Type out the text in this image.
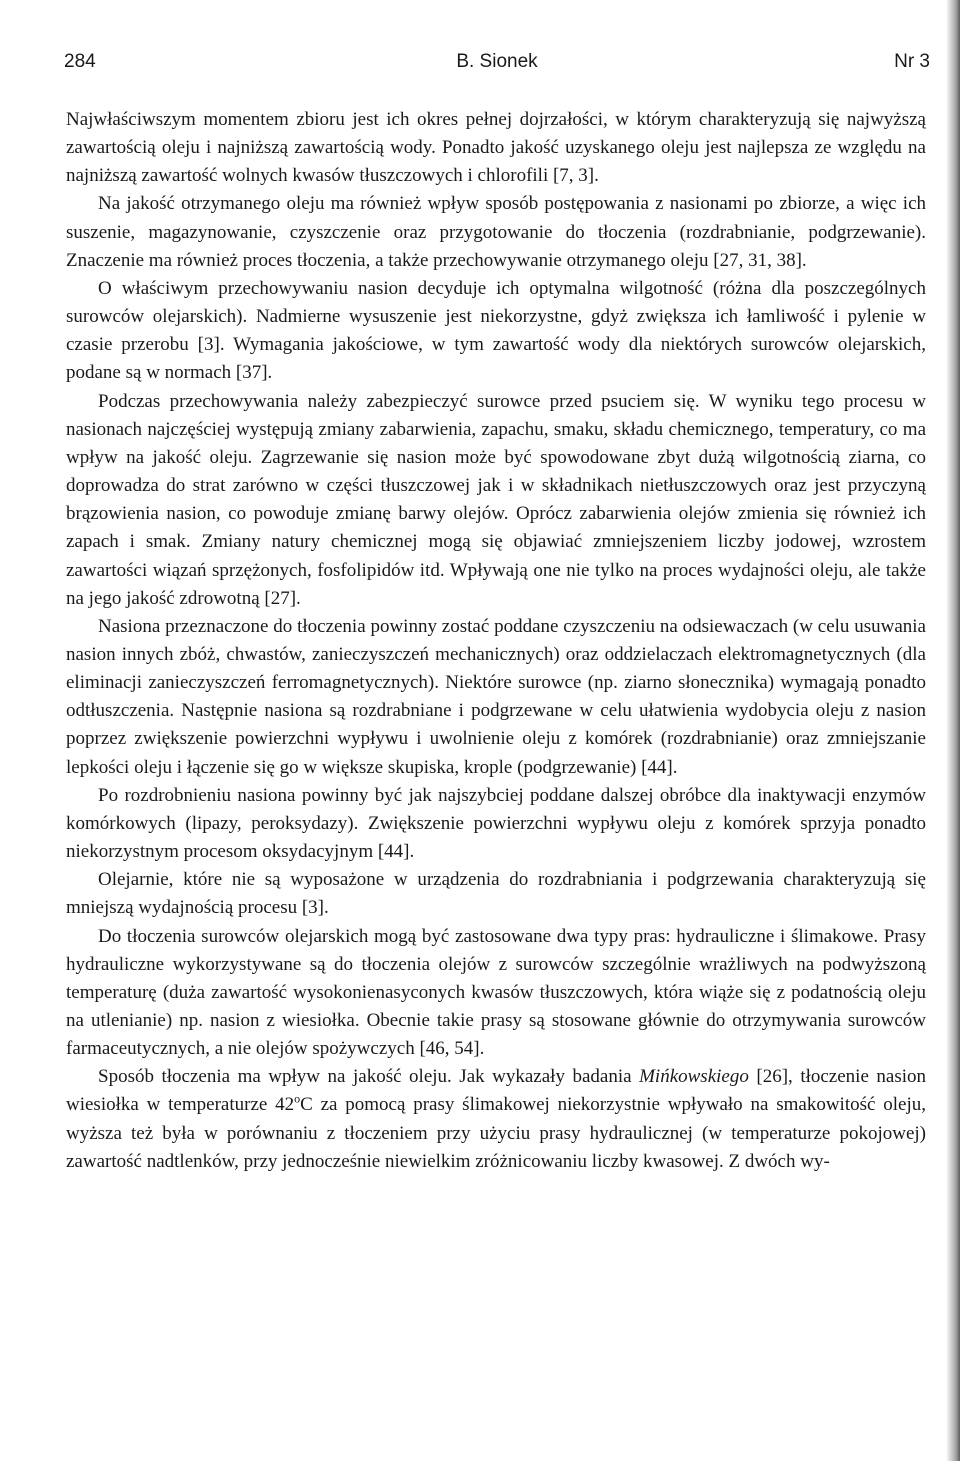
284	B. Sionek	Nr 3

Najwłaściwszym momentem zbioru jest ich okres pełnej dojrzałości, w którym charakteryzują się najwyższą zawartością oleju i najniższą zawartością wody. Ponadto jakość uzyskanego oleju jest najlepsza ze względu na najniższą zawartość wolnych kwasów tłuszczowych i chlorofili [7, 3].

Na jakość otrzymanego oleju ma również wpływ sposób postępowania z nasionami po zbiorze, a więc ich suszenie, magazynowanie, czyszczenie oraz przygotowanie do tłoczenia (rozdrabnianie, podgrzewanie). Znaczenie ma również proces tłoczenia, a także przechowywanie otrzymanego oleju [27, 31, 38].

O właściwym przechowywaniu nasion decyduje ich optymalna wilgotność (różna dla poszczególnych surowców olejarskich). Nadmierne wysuszenie jest niekorzystne, gdyż zwiększa ich łamliwość i pylenie w czasie przerobu [3]. Wymagania jakościowe, w tym zawartość wody dla niektórych surowców olejarskich, podane są w normach [37].

Podczas przechowywania należy zabezpieczyć surowce przed psuciem się. W wyniku tego procesu w nasionach najczęściej występują zmiany zabarwienia, zapachu, smaku, składu chemicznego, temperatury, co ma wpływ na jakość oleju. Zagrzewanie się nasion może być spowodowane zbyt dużą wilgotnością ziarna, co doprowadza do strat zarówno w części tłuszczowej jak i w składnikach nietłuszczowych oraz jest przyczyną brązowienia nasion, co powoduje zmianę barwy olejów. Oprócz zabarwienia olejów zmienia się również ich zapach i smak. Zmiany natury chemicznej mogą się objawiać zmniejszeniem liczby jodowej, wzrostem zawartości wiązań sprzężonych, fosfolipidów itd. Wpływają one nie tylko na proces wydajności oleju, ale także na jego jakość zdrowotną [27].

Nasiona przeznaczone do tłoczenia powinny zostać poddane czyszczeniu na odsiewaczach (w celu usuwania nasion innych zbóż, chwastów, zanieczyszczeń mechanicznych) oraz oddzielaczach elektromagnetycznych (dla eliminacji zanieczyszczeń ferromagnetycznych). Niektóre surowce (np. ziarno słonecznika) wymagają ponadto odtłuszczenia. Następnie nasiona są rozdrabniane i podgrzewane w celu ułatwienia wydobycia oleju z nasion poprzez zwiększenie powierzchni wypływu i uwolnienie oleju z komórek (rozdrabnianie) oraz zmniejszanie lepkości oleju i łączenie się go w większe skupiska, krople (podgrzewanie) [44].

Po rozdrobnieniu nasiona powinny być jak najszybciej poddane dalszej obróbce dla inaktywacji enzymów komórkowych (lipazy, peroksydazy). Zwiększenie powierzchni wypływu oleju z komórek sprzyja ponadto niekorzystnym procesom oksydacyjnym [44].

Olejarnie, które nie są wyposażone w urządzenia do rozdrabniania i podgrzewania charakteryzują się mniejszą wydajnością procesu [3].

Do tłoczenia surowców olejarskich mogą być zastosowane dwa typy pras: hydrauliczne i ślimakowe. Prasy hydrauliczne wykorzystywane są do tłoczenia olejów z surowców szczególnie wrażliwych na podwyższoną temperaturę (duża zawartość wysokonienasyconych kwasów tłuszczowych, która wiąże się z podatnością oleju na utlenianie) np. nasion z wiesiołka. Obecnie takie prasy są stosowane głównie do otrzymywania surowców farmaceutycznych, a nie olejów spożywczych [46, 54].

Sposób tłoczenia ma wpływ na jakość oleju. Jak wykazały badania Mińkowskiego [26], tłoczenie nasion wiesiołka w temperaturze 42$^o$C za pomocą prasy ślimakowej niekorzystnie wpływało na smakowitość oleju, wyższa też była w porównaniu z tłoczeniem przy użyciu prasy hydraulicznej (w temperaturze pokojowej) zawartość nadtlenków, przy jednocześnie niewielkim zróżnicowaniu liczby kwasowej. Z dwóch wy-
